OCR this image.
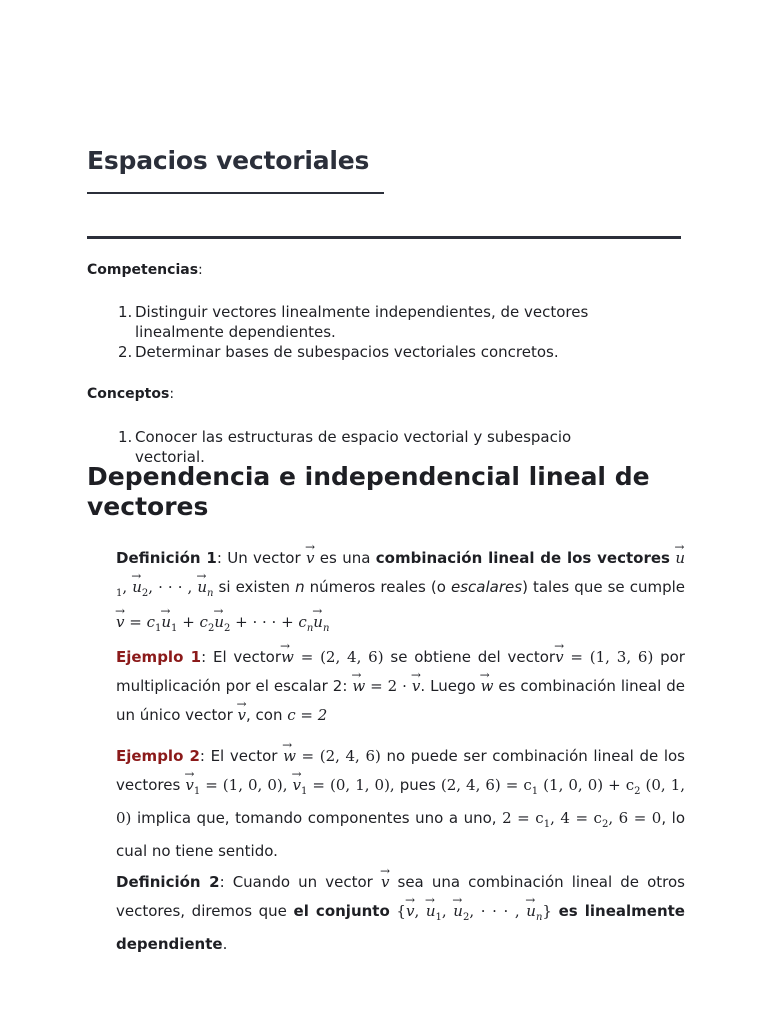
Espacios vectoriales
Competencias:
1. Distinguir vectores linealmente independientes, de vectores linealmente dependientes.
2. Determinar bases de subespacios vectoriales concretos.
Conceptos:
1. Conocer las estructuras de espacio vectorial y subespacio vectorial.
Dependencia e independencial lineal de vectores
Definición 1: Un vector → v es una combinación lineal de los vectores → $u_1$, → $u_2$, · · · , → $u_n$ si existen n números reales (o escalares) tales que se cumple → $v = c_1\to u_1 + c_2\to u_2$ + · · · + $c_n\to u_n$
Ejemplo 1: El vector→ w = (2, 4, 6) se obtiene del vector→ v = (1, 3, 6) por multiplicación por el escalar 2: → w = 2 · → v. Luego → w es combinación lineal de un único vector → v, con c = 2
Ejemplo 2: El vector → w = (2, 4, 6) no puede ser combinación lineal de los vectores → $v_1 = (1$, 0, 0), → $v_1 = (0$, 1, 0), pues (2, 4, $6) = c_1$ (1, 0, $0) + c_2$ (0, 1, 0) implica que, tomando componentes uno a uno, $2 = c_1$, $4 = c_2$, 6 = 0, lo cual no tiene sentido.
Definición 2: Cuando un vector → v sea una combinación lineal de otros vectores, diremos que el conjunto {→ v, → $u_1$, → $u_2$, · · · , → $u_n$} es linealmente dependiente.
